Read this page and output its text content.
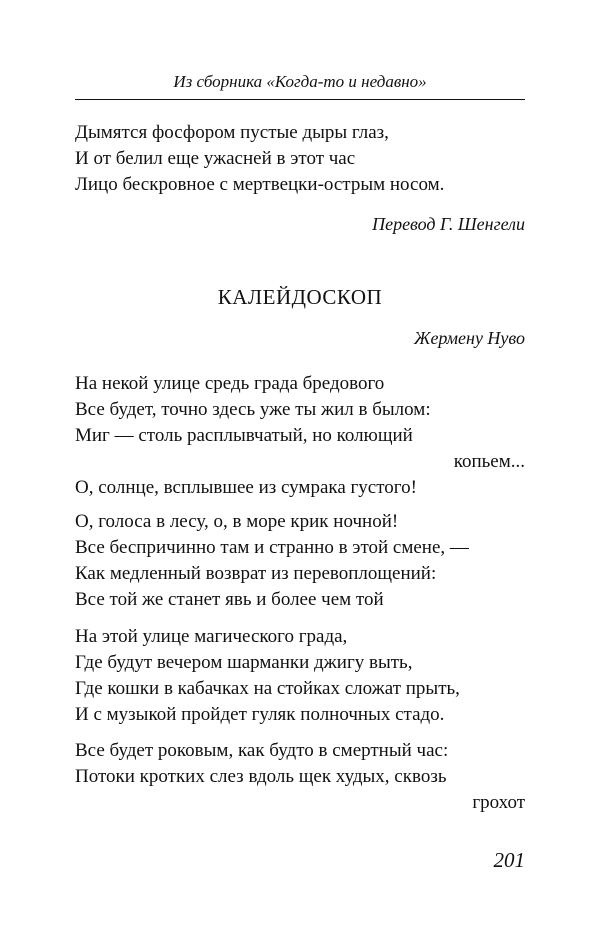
Из сборника «Когда-то и недавно»
Дымятся фосфором пустые дыры глаз,
И от белил еще ужасней в этот час
Лицо бескровное с мертвецки-острым носом.
Перевод Г. Шенгели
КАЛЕЙДОСКОП
Жермену Нуво
На некой улице средь града бредового
Все будет, точно здесь уже ты жил в былом:
Миг — столь расплывчатый, но колющий
копьем...
О, солнце, всплывшее из сумрака густого!
О, голоса в лесу, о, в море крик ночной!
Все беспричинно там и странно в этой смене, —
Как медленный возврат из перевоплощений:
Все той же станет явь и более чем той
На этой улице магического града,
Где будут вечером шарманки джигу выть,
Где кошки в кабачках на стойках сложат прыть,
И с музыкой пройдет гуляк полночных стадо.
Все будет роковым, как будто в смертный час:
Потоки кротких слез вдоль щек худых, сквозь
грохот
201
